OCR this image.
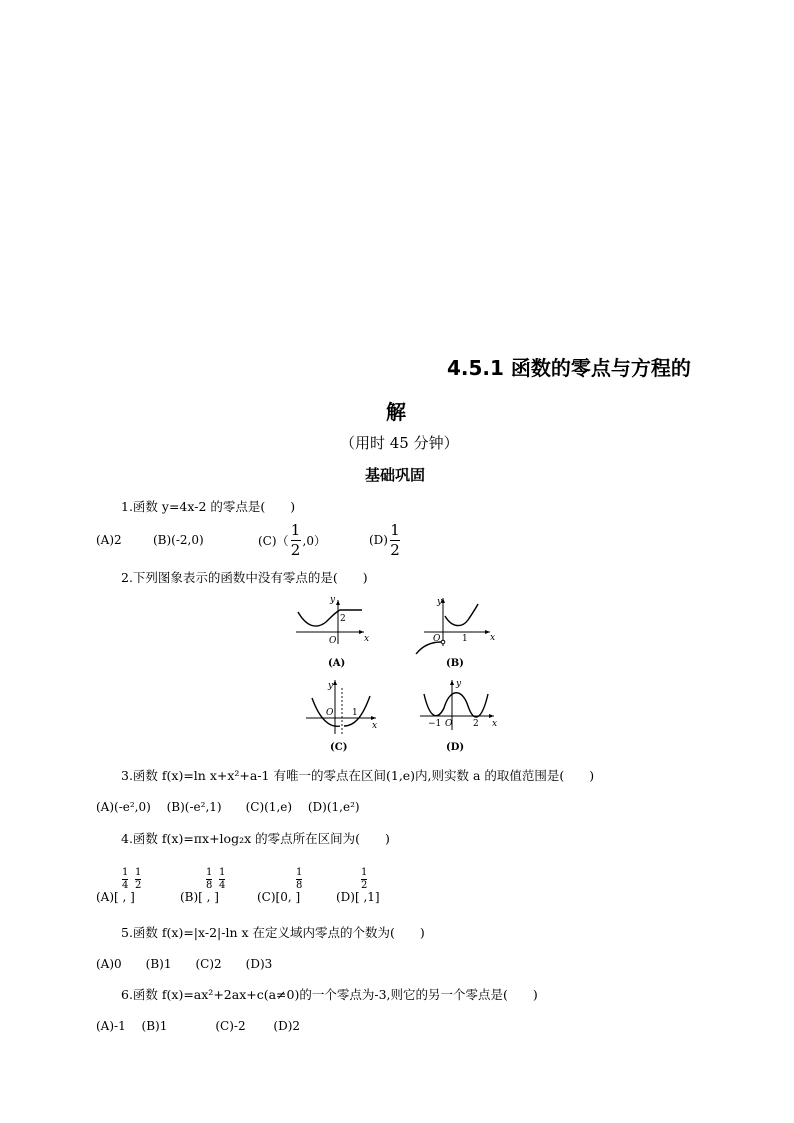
4.5.1 函数的零点与方程的
解
（用时 45 分钟）
基础巩固
1.函数 y=4x-2 的零点是(　　)
(A)2	(B)(-2,0)	$(C)( \frac{1}{2} ,0)$	$(D) \frac{1}{2}$
2.下列图象表示的函数中没有零点的是(　　)
y
x
O
2
(A)
y
x
O 1
(B)
y
x
O 1
(C)
y
x
O
−1	2
(D)
3.函数 f(x)=ln x+x²+a-1 有唯一的零点在区间(1,e)内,则实数 a 的取值范围是(　　)
(A)(-e²,0)　 (B)(-e²,1)　　(C)(1,e)　 (D)(1,e²)
4.函数 f(x)=πx+log₂x 的零点所在区间为(　　)
(A)[ , ]
1
4
1
2
(B)[ , ]
1
8
1
4
(C)[0, ]
1
8
(D)[ ,1]
1
2
5.函数 f(x)=|x-2|-ln x 在定义域内零点的个数为(　　)
(A)0　　(B)1　　(C)2　　(D)3
6.函数 f(x)=ax²+2ax+c(a≠0)的一个零点为-3,则它的另一个零点是(　　)
(A)-1　 (B)1　　　　(C)-2　　 (D)2
